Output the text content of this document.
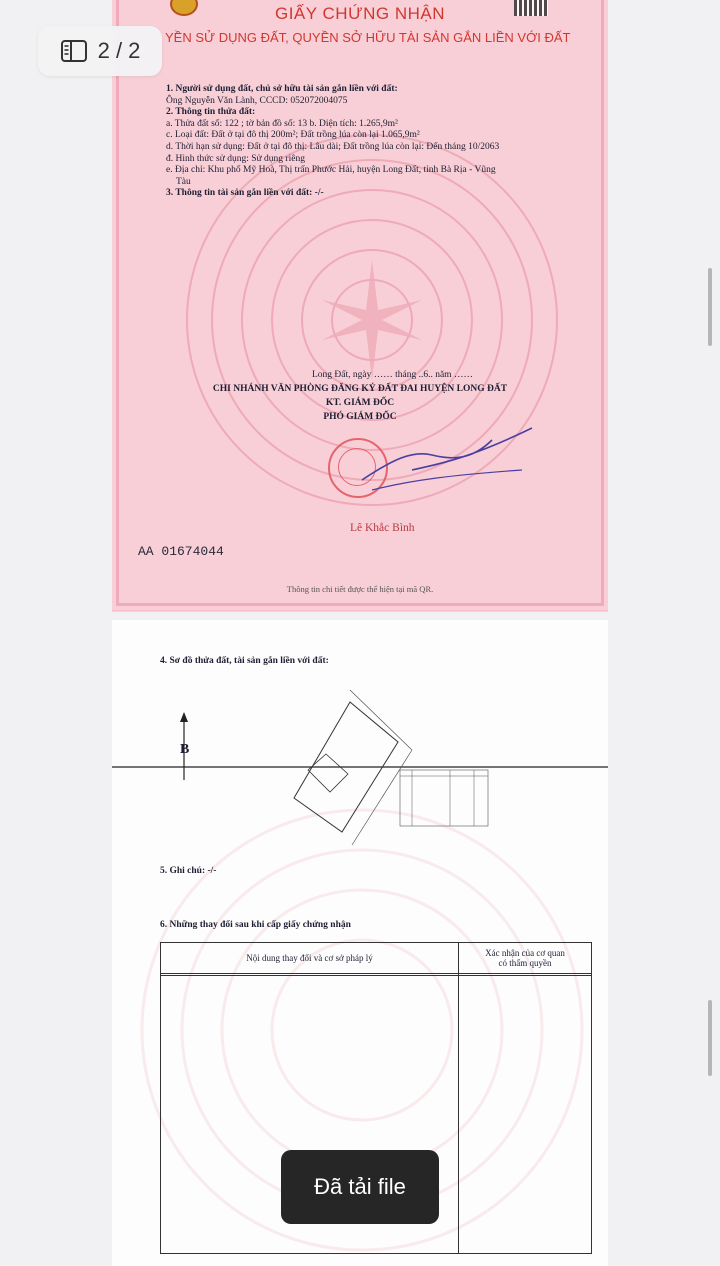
GIẤY CHỨNG NHẬN
YỀN SỬ DỤNG ĐẤT, QUYỀN SỞ HỮU TÀI SẢN GẮN LIỀN VỚI ĐẤT
1. Người sử dụng đất, chủ sở hữu tài sản gắn liền với đất:
Ông Nguyễn Văn Lành, CCCD: 052072004075
2. Thông tin thửa đất:
a. Thửa đất số: 122 ; tờ bản đồ số: 13 b. Diện tích: 1.265,9m²
c. Loại đất: Đất ở tại đô thị 200m²; Đất trồng lúa còn lại 1.065,9m²
d. Thời hạn sử dụng: Đất ở tại đô thị: Lâu dài; Đất trồng lúa còn lại: Đến tháng 10/2063
đ. Hình thức sử dụng: Sử dụng riêng
e. Địa chỉ: Khu phố Mỹ Hoà, Thị trấn Phước Hải, huyện Long Đất, tỉnh Bà Rịa - Vũng
Tàu
3. Thông tin tài sản gắn liền với đất: -/-
Long Đất, ngày …… tháng ..6.. năm ……
CHI NHÁNH VĂN PHÒNG ĐĂNG KÝ ĐẤT ĐAI HUYỆN LONG ĐẤT
KT. GIÁM ĐỐC
PHÓ GIÁM ĐỐC
Lê Khắc Bình
AA 01674044
Thông tin chi tiết được thể hiện tại mã QR.
4. Sơ đồ thửa đất, tài sản gắn liền với đất:
B
5. Ghi chú: -/-
6. Những thay đổi sau khi cấp giấy chứng nhận
Nội dung thay đổi và cơ sở pháp lý	Xác nhận của cơ quan
có thẩm quyền
2 / 2
Đã tải file
